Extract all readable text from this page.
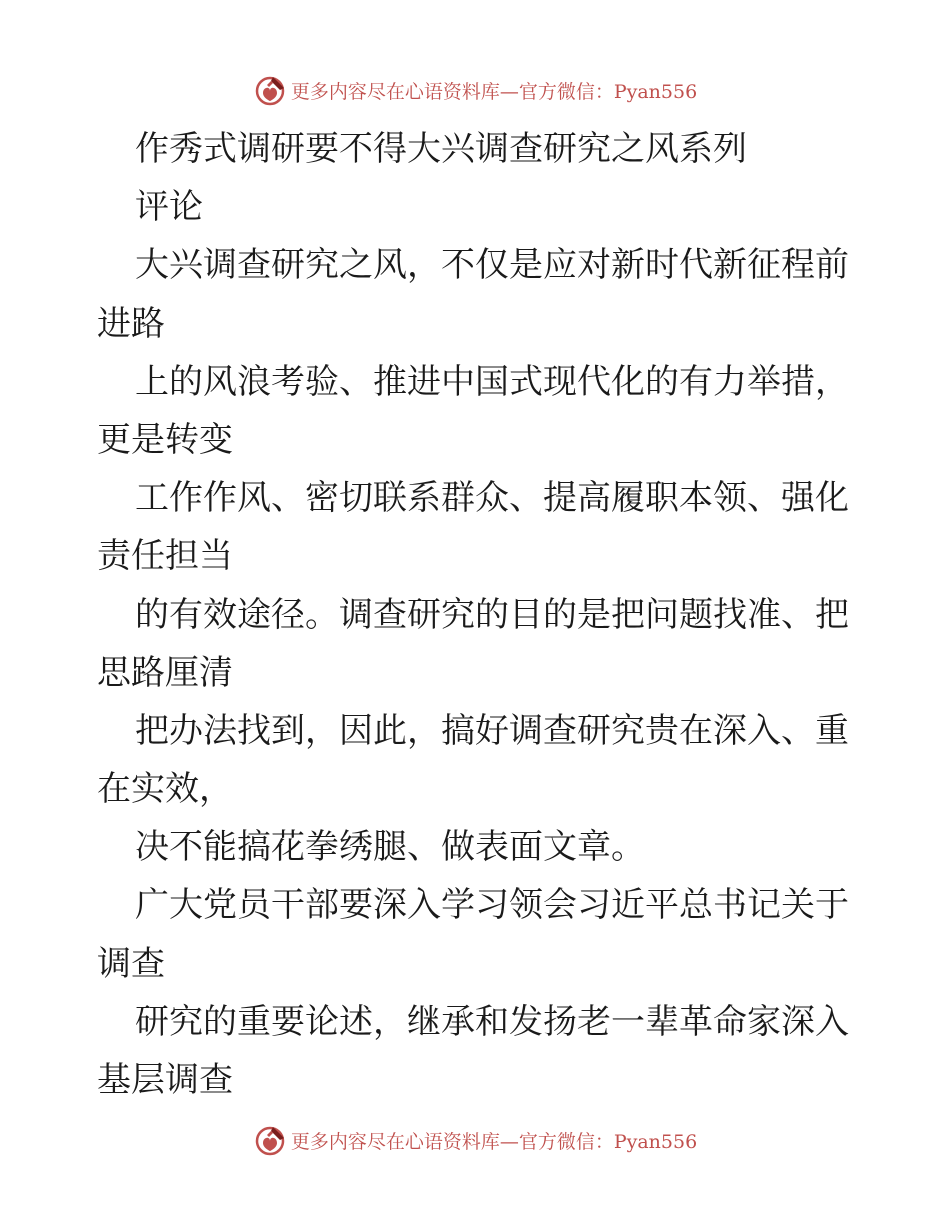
更多内容尽在心语资料库—官方微信：Pyan556
作秀式调研要不得大兴调查研究之风系列
评论
大兴调查研究之风，不仅是应对新时代新征程前
进路
上的风浪考验、推进中国式现代化的有力举措，
更是转变
工作作风、密切联系群众、提高履职本领、强化
责任担当
的有效途径。调查研究的目的是把问题找准、把
思路厘清
把办法找到，因此，搞好调查研究贵在深入、重
在实效，
决不能搞花拳绣腿、做表面文章。
广大党员干部要深入学习领会习近平总书记关于
调查
研究的重要论述，继承和发扬老一辈革命家深入
基层调查
更多内容尽在心语资料库—官方微信：Pyan556
